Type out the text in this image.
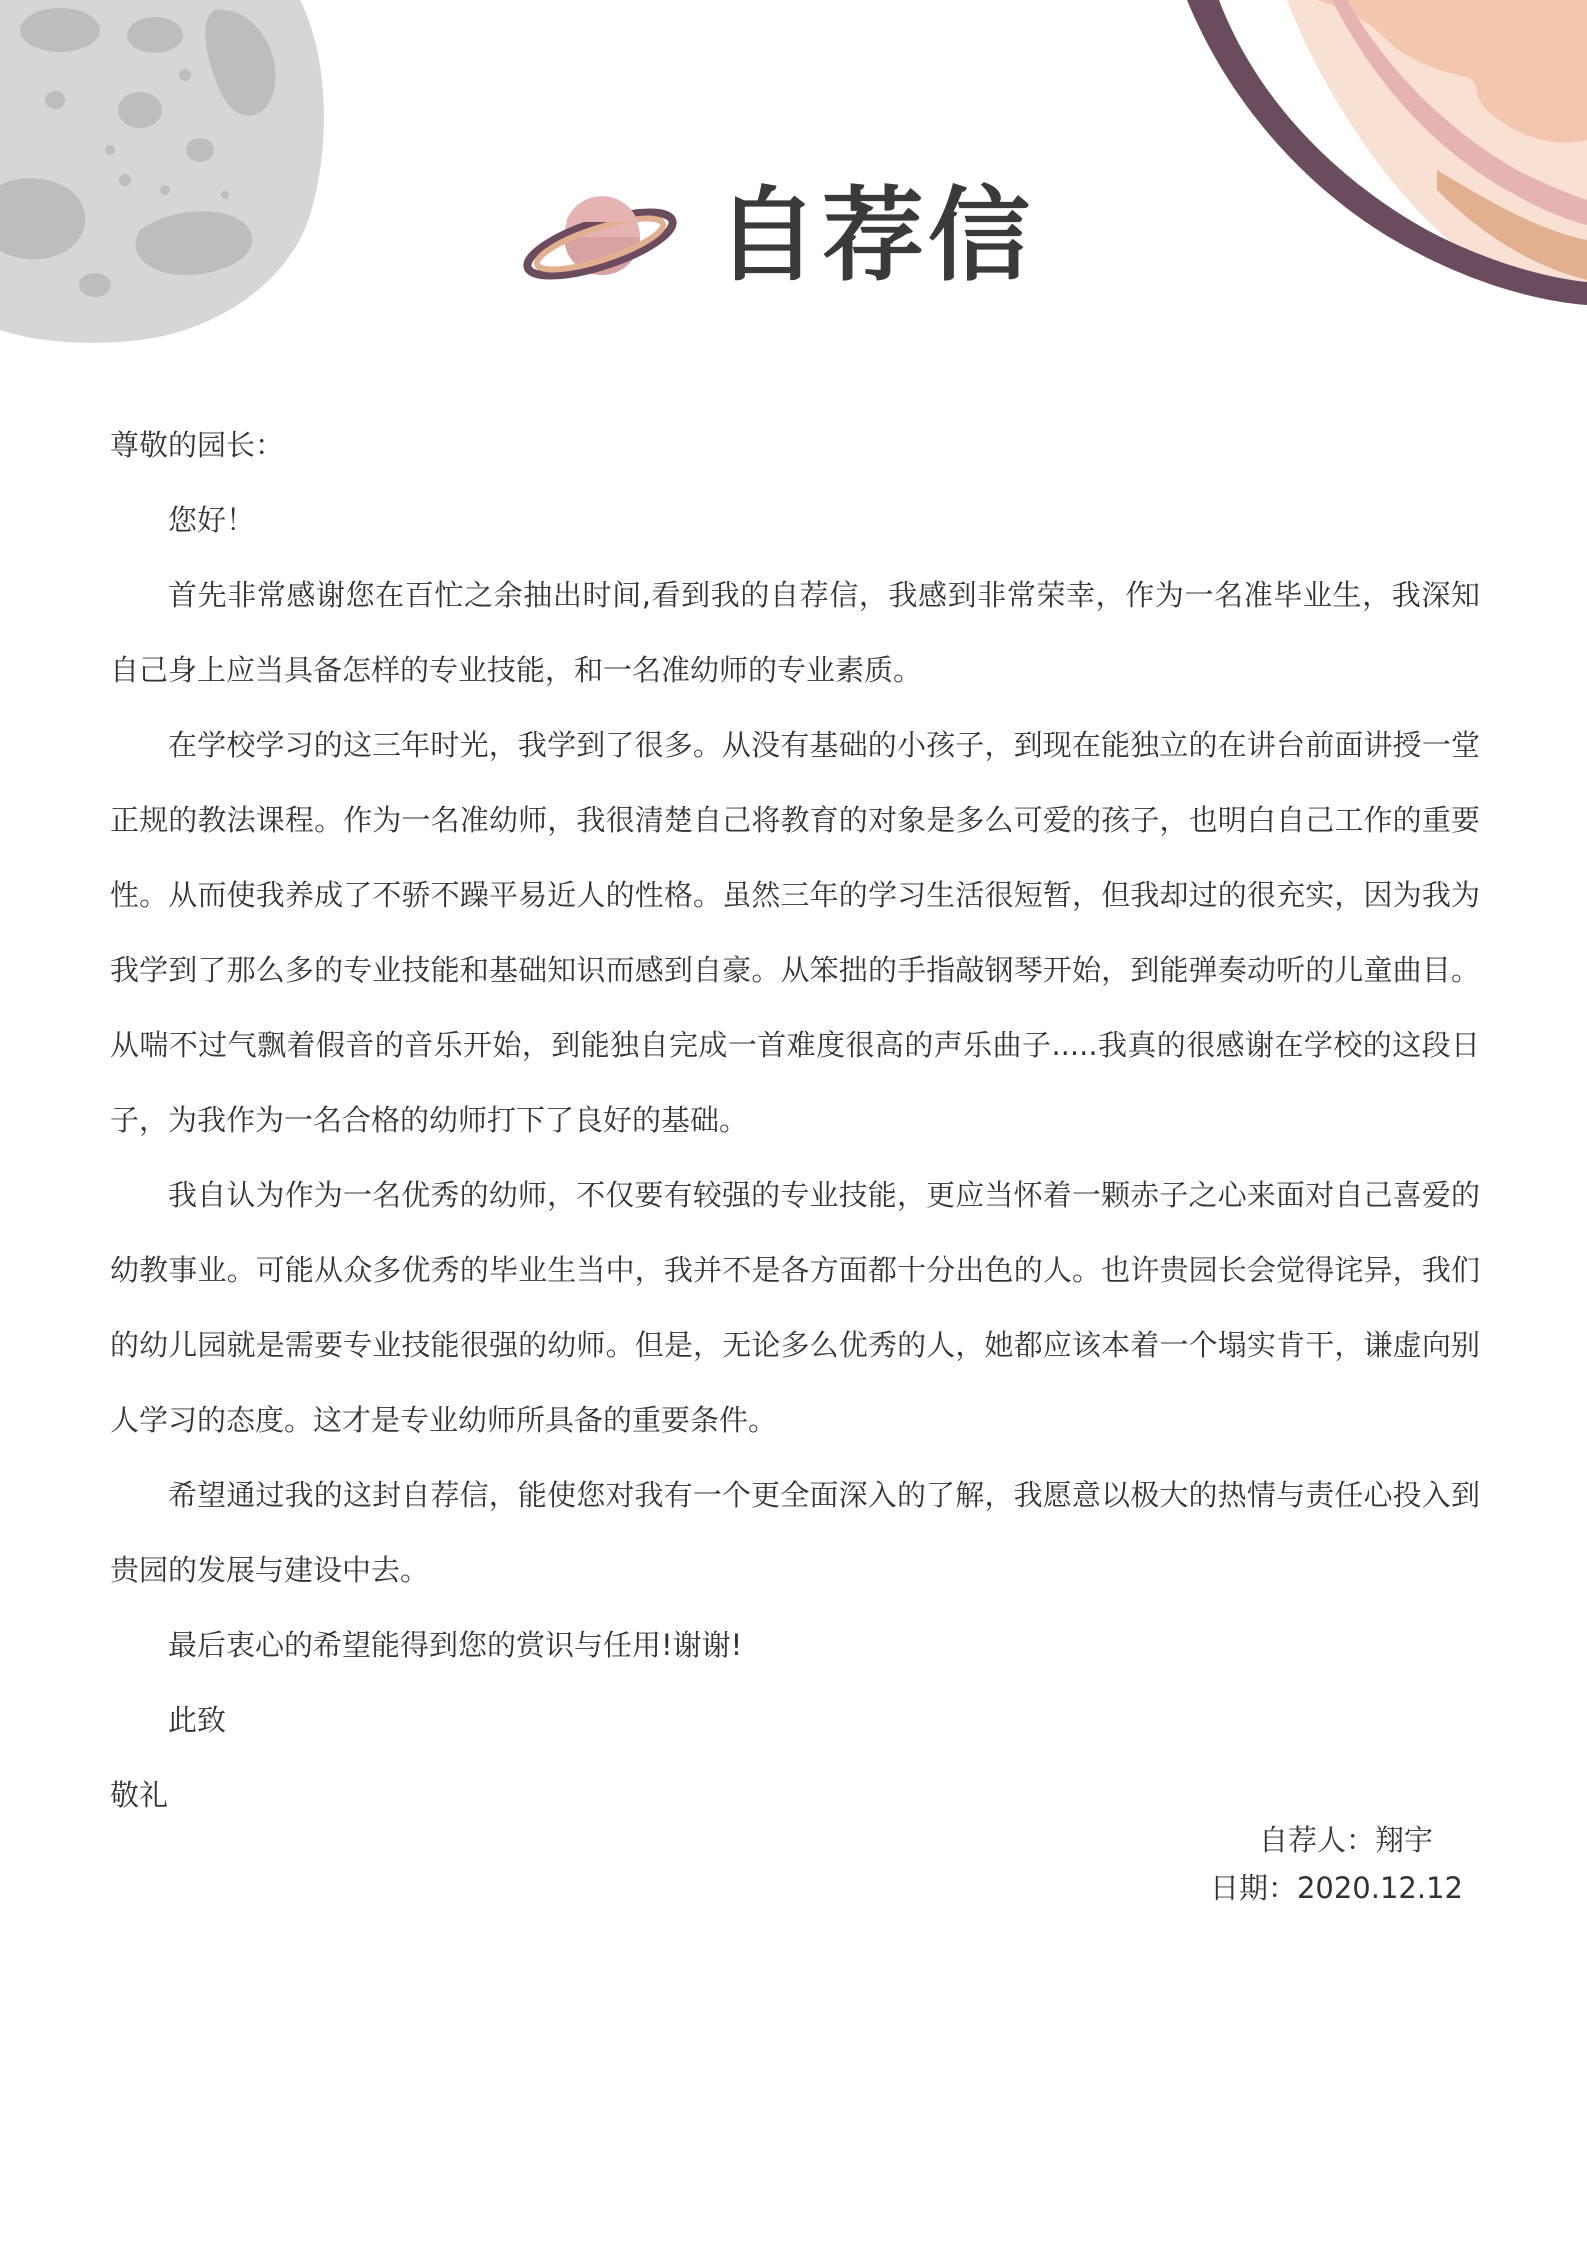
自荐信

尊敬的园长：

您好！

首先非常感谢您在百忙之余抽出时间,看到我的自荐信，我感到非常荣幸，作为一名准毕业生，我深知自己身上应当具备怎样的专业技能，和一名准幼师的专业素质。

在学校学习的这三年时光，我学到了很多。从没有基础的小孩子，到现在能独立的在讲台前面讲授一堂正规的教法课程。作为一名准幼师，我很清楚自己将教育的对象是多么可爱的孩子，也明白自己工作的重要性。从而使我养成了不骄不躁平易近人的性格。虽然三年的学习生活很短暂，但我却过的很充实，因为我为我学到了那么多的专业技能和基础知识而感到自豪。从笨拙的手指敲钢琴开始，到能弹奏动听的儿童曲目。从喘不过气飘着假音的音乐开始，到能独自完成一首难度很高的声乐曲子.....我真的很感谢在学校的这段日子，为我作为一名合格的幼师打下了良好的基础。

我自认为作为一名优秀的幼师，不仅要有较强的专业技能，更应当怀着一颗赤子之心来面对自己喜爱的幼教事业。可能从众多优秀的毕业生当中，我并不是各方面都十分出色的人。也许贵园长会觉得诧异，我们的幼儿园就是需要专业技能很强的幼师。但是，无论多么优秀的人，她都应该本着一个塌实肯干，谦虚向别人学习的态度。这才是专业幼师所具备的重要条件。

希望通过我的这封自荐信，能使您对我有一个更全面深入的了解，我愿意以极大的热情与责任心投入到贵园的发展与建设中去。

最后衷心的希望能得到您的赏识与任用!谢谢!

此致

敬礼

自荐人：翔宇
日期：2020.12.12
